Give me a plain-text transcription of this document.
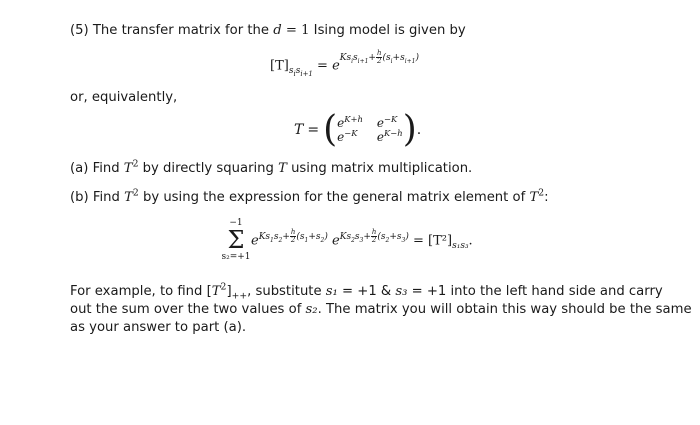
(5) The transfer matrix for the d = 1 Ising model is given by
$[T]_{s_is_{i+1}} = e^{Ks_is_{i+1}+ \frac{h}{2} (s_i+s_{i+1})}$
or, equivalently,
T = ( $e^{K+h}$ $e^{-K}$
$e^{-K}$	$e^{K-h}$ ) .
(a) Find $T^2$ by directly squaring T using matrix multiplication.
(b) Find $T^2$ by using the expression for the general matrix element of $T^2$:
−1
Σ
s₂=+1
$e^{Ks_1s_2+ \frac{h}{2} (s_1+s_2)}$ $e^{Ks_2s_3+ \frac{h}{2} (s_2+s_3)} = [T^2]_{s_1s_3}$.
For example, to find $[T^2]_{++}$, substitute s₁ = +1 & s₃ = +1 into the left hand side and carry
out the sum over the two values of s₂. The matrix you will obtain this way should be the same
as your answer to part (a).
